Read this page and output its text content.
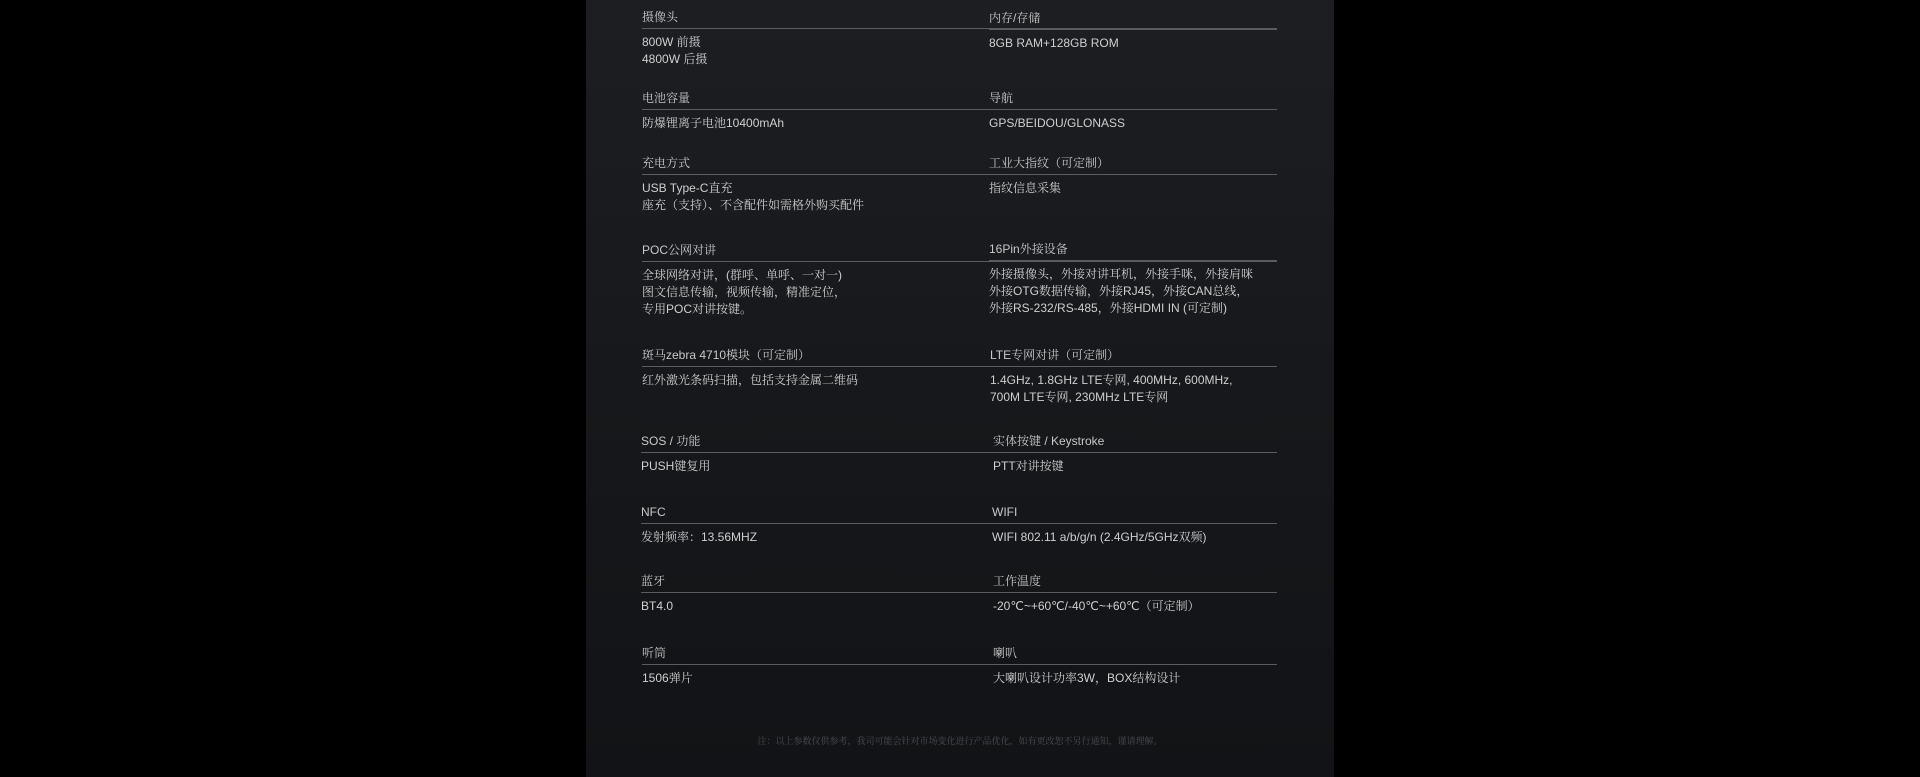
摄像头
800W 前摄
4800W 后摄
内存/存储
8GB RAM+128GB ROM
电池容量
防爆锂离子电池10400mAh
导航
GPS/BEIDOU/GLONASS
充电方式
USB Type-C直充
座充（支持）、不含配件如需格外购买配件
工业大指纹（可定制）
指纹信息采集
POC公网对讲
全球网络对讲，(群呼、单呼、一对一)
图文信息传输，视频传输，精准定位，
专用POC对讲按键。
16Pin外接设备
外接摄像头，外接对讲耳机，外接手咪，外接肩咪
外接OTG数据传输，外接RJ45，外接CAN总线，
外接RS-232/RS-485，外接HDMI IN (可定制)
斑马zebra 4710模块（可定制）
红外激光条码扫描，包括支持金属二维码
LTE专网对讲（可定制）
1.4GHz, 1.8GHz LTE专网, 400MHz, 600MHz,
700M LTE专网, 230MHz LTE专网
SOS / 功能
PUSH键复用
实体按键 / Keystroke
PTT对讲按键
NFC
发射频率：13.56MHZ
WIFI
WIFI 802.11 a/b/g/n (2.4GHz/5GHz双频)
蓝牙
BT4.0
工作温度
-20℃~+60℃/-40℃~+60℃（可定制）
听筒
1506弹片
喇叭
大喇叭设计功率3W，BOX结构设计
注：以上参数仅供参考，我司可能会针对市场变化进行产品优化，如有更改恕不另行通知，谨请理解。
